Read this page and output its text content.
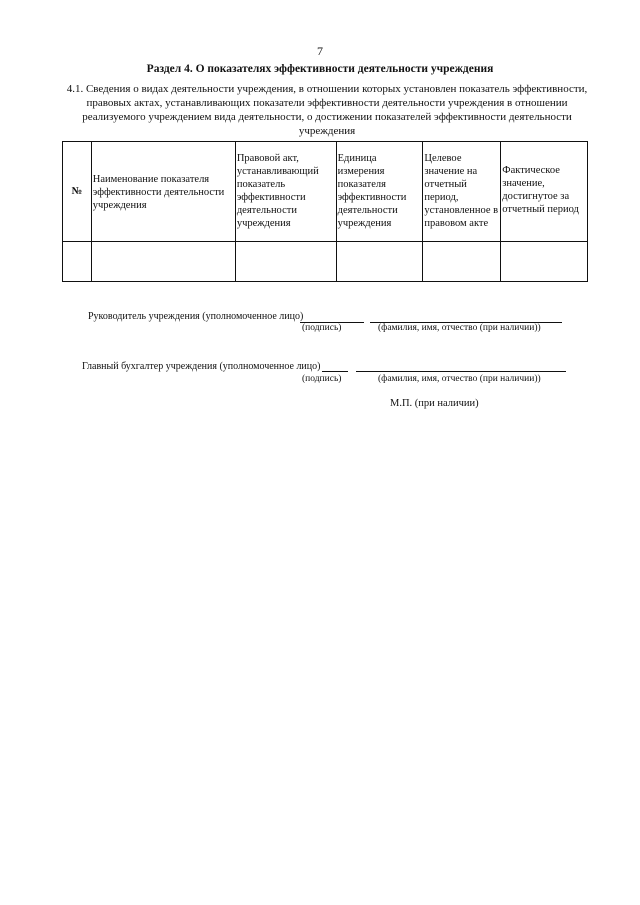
7
Раздел 4. О показателях эффективности деятельности учреждения
4.1. Сведения о видах деятельности учреждения, в отношении которых установлен показатель эффективности,
правовых актах, устанавливающих показатели эффективности деятельности учреждения в отношении
реализуемого учреждением вида деятельности, о достижении показателей эффективности деятельности
учреждения
№	Наименование показателя эффективности деятельности учреждения	Правовой акт, устанавливающий показатель эффективности деятельности учреждения	Единица измерения показателя эффективности деятельности учреждения	Целевое значение на отчетный период, установленное в правовом акте	Фактическое значение, достигнутое за отчетный период

Руководитель учреждения (уполномоченное лицо)
(подпись)	(фамилия, имя, отчество (при наличии))
Главный бухгалтер учреждения (уполномоченное лицо)
(подпись)	(фамилия, имя, отчество (при наличии))
М.П. (при наличии)
